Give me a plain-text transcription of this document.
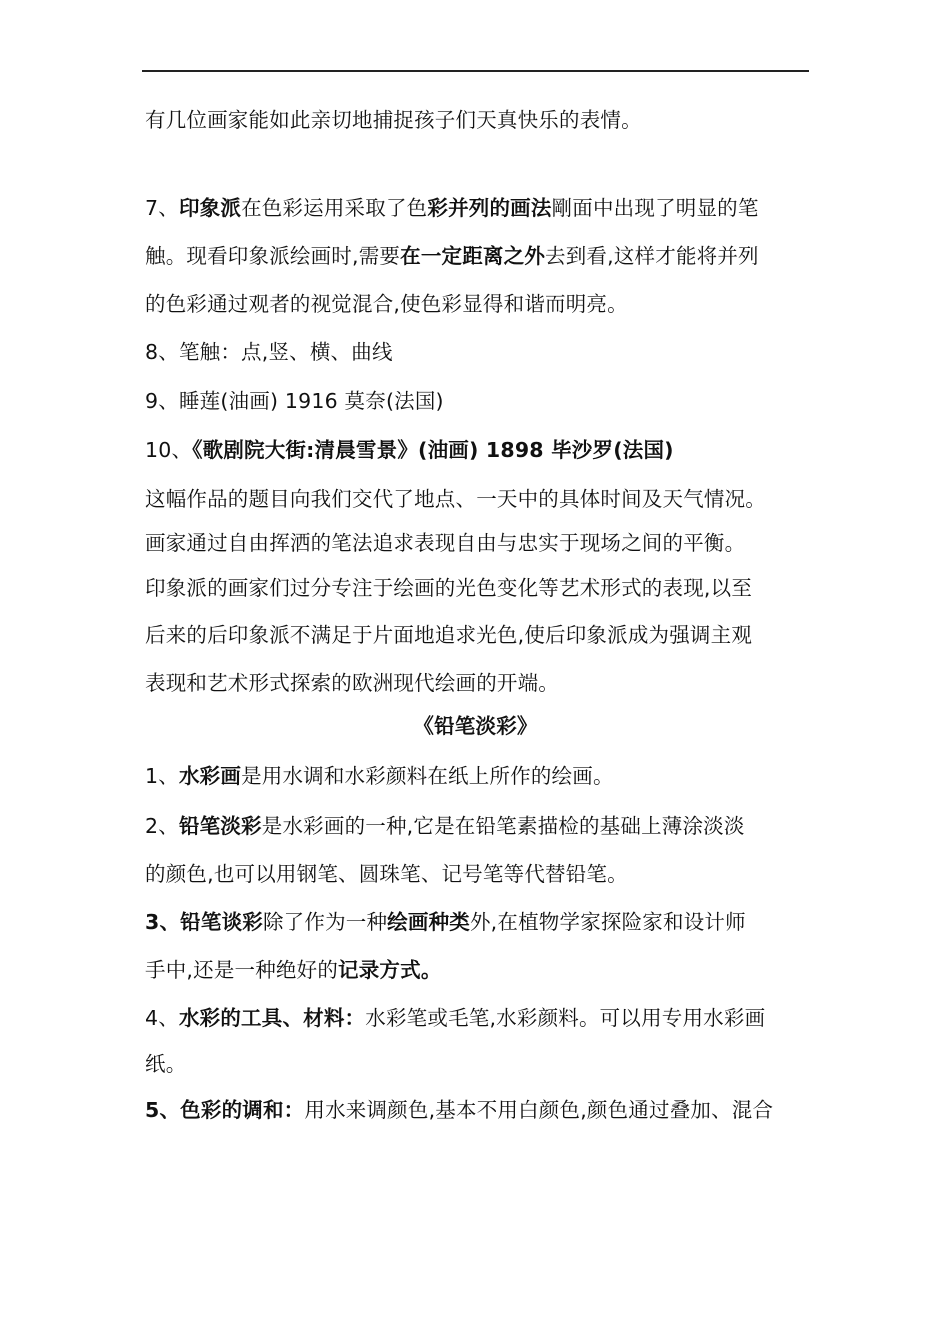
有几位画家能如此亲切地捕捉孩子们天真快乐的表情。
7、印象派在色彩运用采取了色彩并列的画法剛面中出现了明显的笔
触。现看印象派绘画时,需要在一定距离之外去到看,这样才能将并列
的色彩通过观者的视觉混合,使色彩显得和谐而明亮。
8、笔触：点,竖、横、曲线
9、睡莲(油画) 1916 莫奈(法国)
10、《歌剧院大街:清晨雪景》(油画) 1898 毕沙罗(法国)
这幅作品的题目向我们交代了地点、一天中的具体时间及天气情况。
画家通过自由挥洒的笔法追求表现自由与忠实于现场之间的平衡。
印象派的画家们过分专注于绘画的光色变化等艺术形式的表现,以至
后来的后印象派不满足于片面地追求光色,使后印象派成为强调主观
表现和艺术形式探索的欧洲现代绘画的开端。
《铅笔淡彩》
1、水彩画是用水调和水彩颜料在纸上所作的绘画。
2、铅笔淡彩是水彩画的一种,它是在铅笔素描检的基础上薄涂淡淡
的颜色,也可以用钢笔、圆珠笔、记号笔等代替铅笔。
3、铅笔谈彩除了作为一种绘画种类外,在植物学家探险家和设计师
手中,还是一种绝好的记录方式。
4、水彩的工具、材料：水彩笔或毛笔,水彩颜料。可以用专用水彩画
纸。
5、色彩的调和：用水来调颜色,基本不用白颜色,颜色通过叠加、混合
